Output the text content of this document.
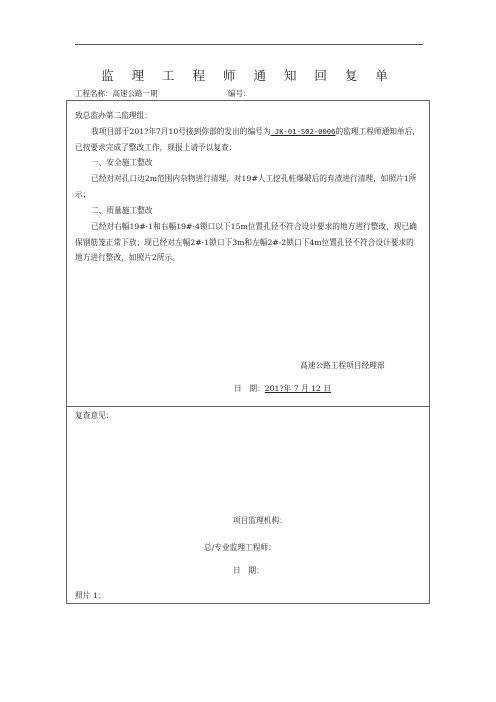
监 理 工 程 师 通 知 回 复 单
工程名称：高速公路一期	编号：
致总监办第二监理组：
我项目部于201?年7月10号接到你部的发出的编号为 JK-01-S02-0006的监理工程师通知单后，已按要求完成了整改工作，现报上请予以复查：
一、安全施工整改
已经对对孔口边2m范围内杂物进行清理，对19#人工挖孔桩爆破后的弃渣进行清理，如照片1所示；
二、质量施工整改
已经对右幅19#-1和右幅19#-4锁口以下15m位置孔径不符合设计要求的地方进行整改，现已确保钢筋笼正常下放；现已经对左幅2#-1锁口下3m和左幅2#-2锁口下4m位置孔径不符合设计要求的地方进行整改，如照片2所示。
高速公路工程项目经理部
日　期：201?年 7 月 12 日
复查意见：
项目监理机构：
总/专业监理工程师：
日　期：
照片 1：
